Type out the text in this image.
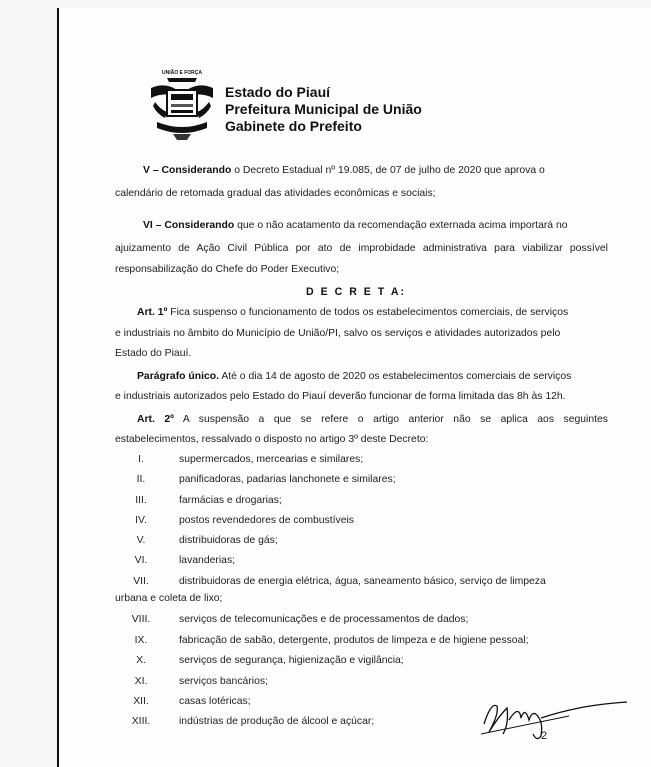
UNIÃO E FORÇA
Estado do Piauí
Prefeitura Municipal de União
Gabinete do Prefeito
V – Considerando o Decreto Estadual nº 19.085, de 07 de julho de 2020 que aprova o
calendário de retomada gradual das atividades econômicas e sociais;
VI – Considerando que o não acatamento da recomendação externada acima importará no
ajuizamento de Ação Civil Pública por ato de improbidade administrativa para viabilizar possível
responsabilização do Chefe do Poder Executivo;
D E C R E T A:
Art. 1º Fica suspenso o funcionamento de todos os estabelecimentos comerciais, de serviços
e industriais no âmbito do Município de União/PI, salvo os serviços e atividades autorizados pelo
Estado do Piauí.
Parágrafo único. Até o dia 14 de agosto de 2020 os estabelecimentos comerciais de serviços
e industriais autorizados pelo Estado do Piauí deverão funcionar de forma limitada das 8h às 12h.
Art. 2º A suspensão a que se refere o artigo anterior não se aplica aos seguintes
estabelecimentos, ressalvado o disposto no artigo 3º deste Decreto:
I.	supermercados, mercearias e similares;
II.	panificadoras, padarias lanchonete e similares;
III.	farmácias e drogarias;
IV.	postos revendedores de combustíveis
V.	distribuidoras de gás;
VI.	lavanderias;
VII.	distribuidoras de energia elétrica, água, saneamento básico, serviço de limpeza
urbana e coleta de lixo;
VIII.	serviços de telecomunicações e de processamentos de dados;
IX.	fabricação de sabão, detergente, produtos de limpeza e de higiene pessoal;
X.	serviços de segurança, higienização e vigilância;
XI.	serviços bancários;
XII.	casas lotéricas;
XIII.	indústrias de produção de álcool e açúcar;
2
